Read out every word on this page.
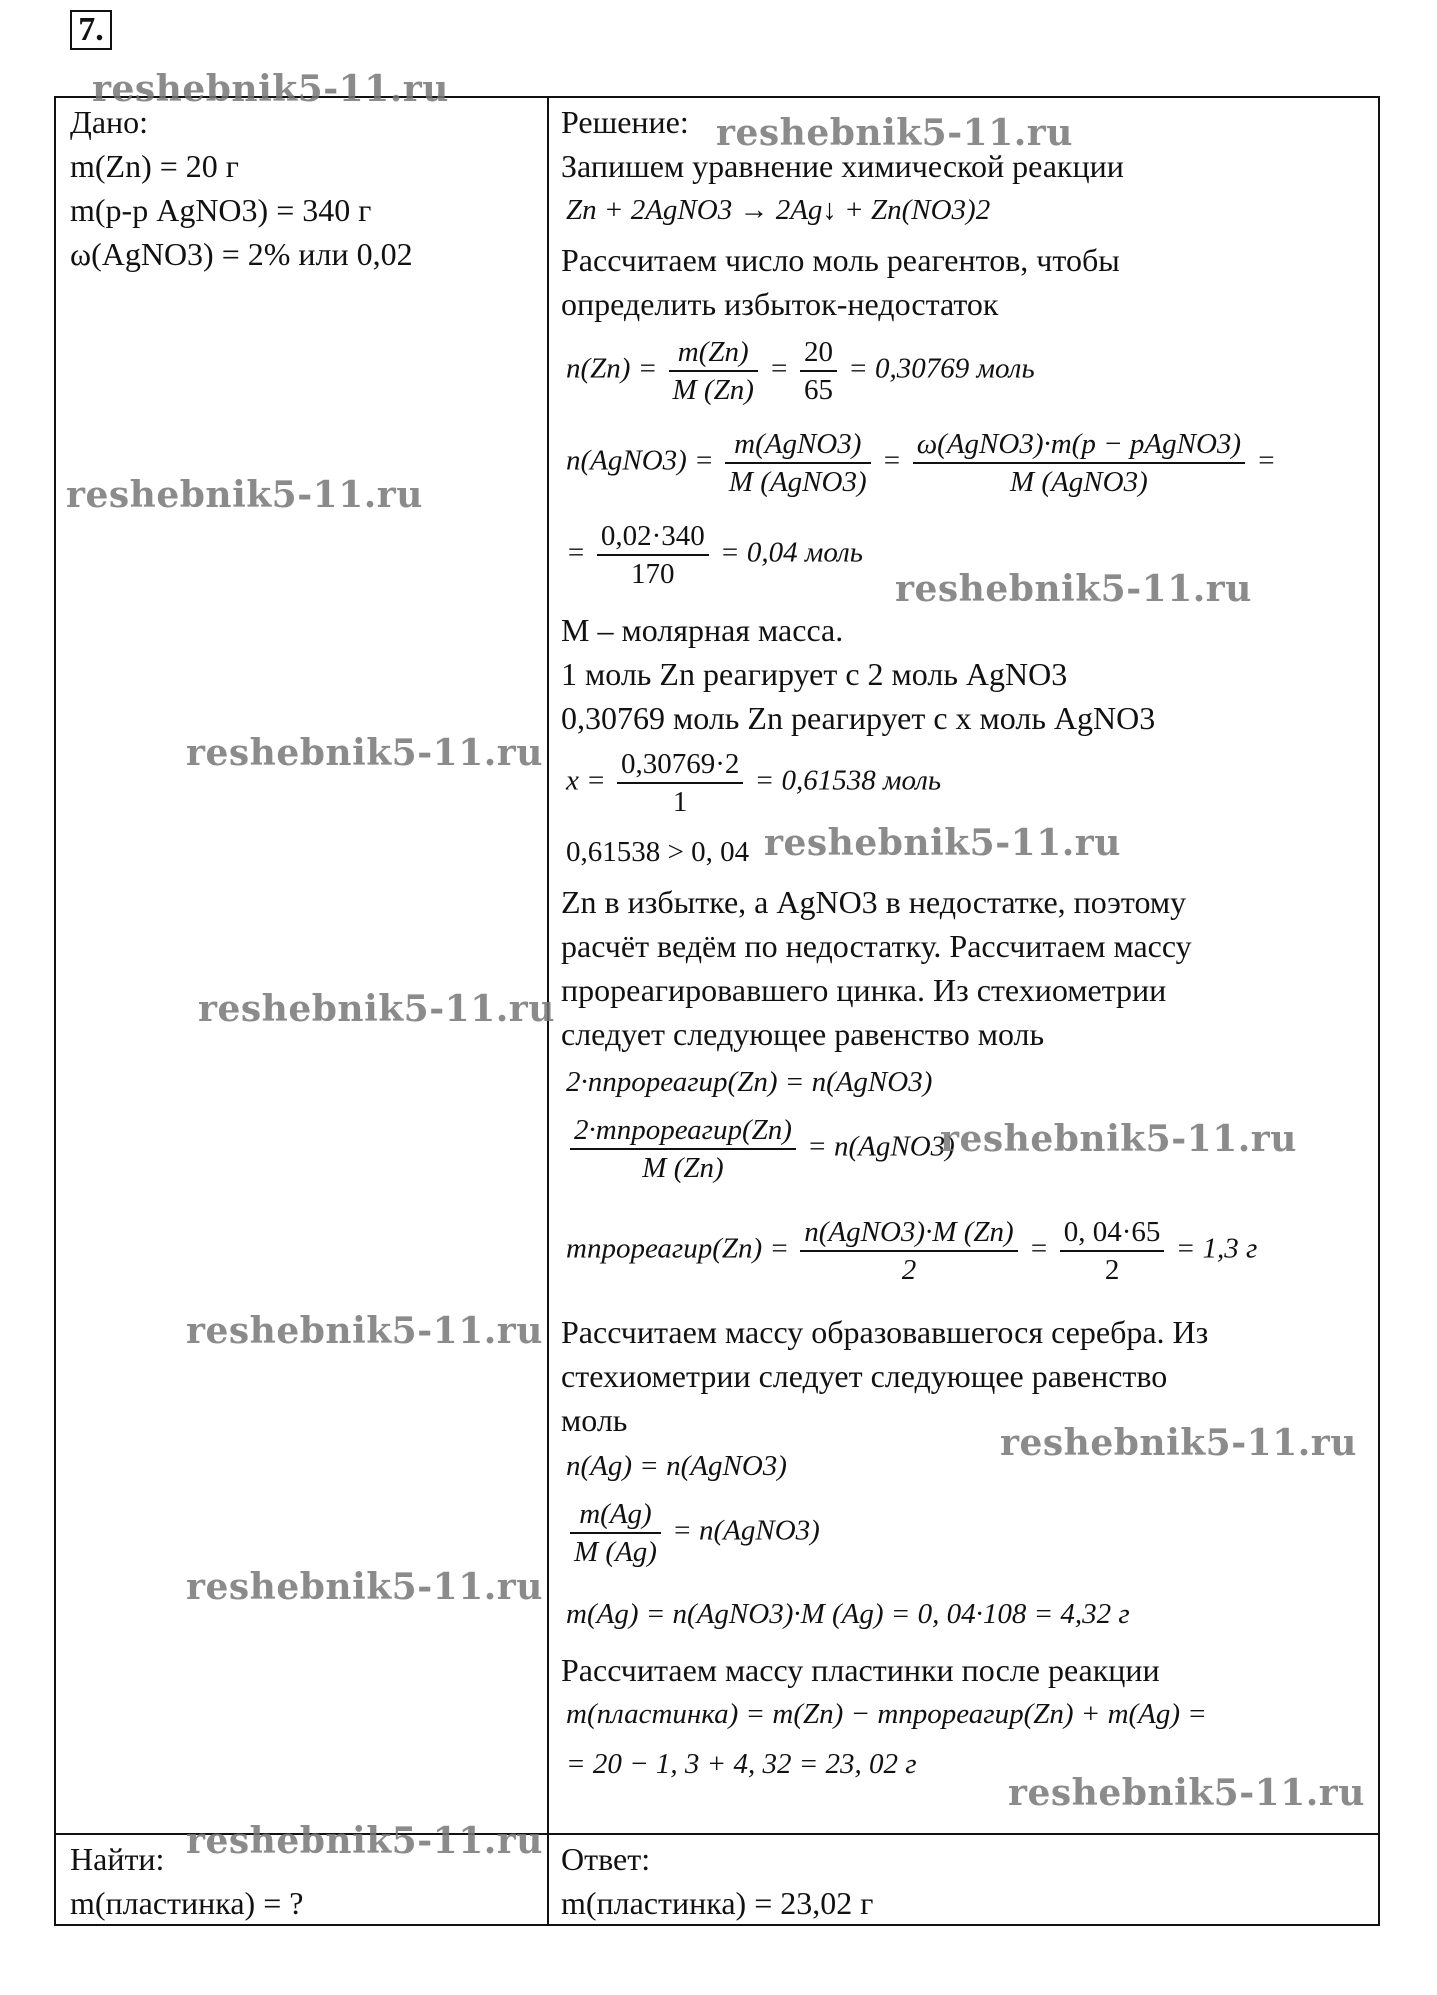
7.
Дано:
m(Zn) = 20 г
m(р-р AgNO3) = 340 г
ω(AgNO3) = 2% или 0,02
Найти:
m(пластинка) = ?
Ответ:
m(пластинка) = 23,02 г
Решение:
Запишем уравнение химической реакции
Zn + 2AgNO3 → 2Ag↓ + Zn(NO3)2
Рассчитаем число моль реагентов, чтобы
определить избыток-недостаток
$n(Zn) = \frac{m(Zn)}{M (Zn)} = \frac{20}{65} = 0,30769$ моль
n(AgNO3) = $\frac{\text{m(AgNO3)}}{\text{M (AgNO3)}} = \frac{\text{ω(AgNO3)·m(p − pAgNO3)}}{\text{M (AgNO3)}}$ =
= $\frac{0,02\cdot 340}{170} = 0,04$ моль
М – молярная масса.
1 моль Zn реагирует с 2 моль AgNO3
0,30769 моль Zn реагирует с х моль AgNO3
$x = \frac{0,30769\cdot 2}{1} = 0,61538$ моль
0,61538 > 0, 04
Zn в избытке, а AgNO3 в недостатке, поэтому
расчёт ведём по недостатку. Рассчитаем массу
прореагировавшего цинка. Из стехиометрии
следует следующее равенство моль
2·nпрореагир(Zn) = n(AgNO3)
$\frac{\text{2·mпрореагир(Zn)}}{M (Zn)}$ = n(AgNO3)
mпрореагир(Zn) = $\frac{\text{n(AgNO3)·M (Zn)}}{2} = \frac{0, 04\cdot 65}{2} = 1,3$ г
Рассчитаем массу образовавшегося серебра. Из
стехиометрии следует следующее равенство
моль
n(Ag) = n(AgNO3)
$\frac{m(Ag)}{M (Ag)}$ = n(AgNO3)
m(Ag) = n(AgNO3)·M (Ag) = 0, 04·108 = 4,32 г
Рассчитаем массу пластинки после реакции
m(пластинка) = m(Zn) − mпрореагир(Zn) + m(Ag) =
= 20 − 1, 3 + 4, 32 = 23, 02 г
reshebnik5-11.ru
reshebnik5-11.ru
reshebnik5-11.ru
reshebnik5-11.ru
reshebnik5-11.ru
reshebnik5-11.ru
reshebnik5-11.ru
reshebnik5-11.ru
reshebnik5-11.ru
reshebnik5-11.ru
reshebnik5-11.ru
reshebnik5-11.ru
reshebnik5-11.ru
